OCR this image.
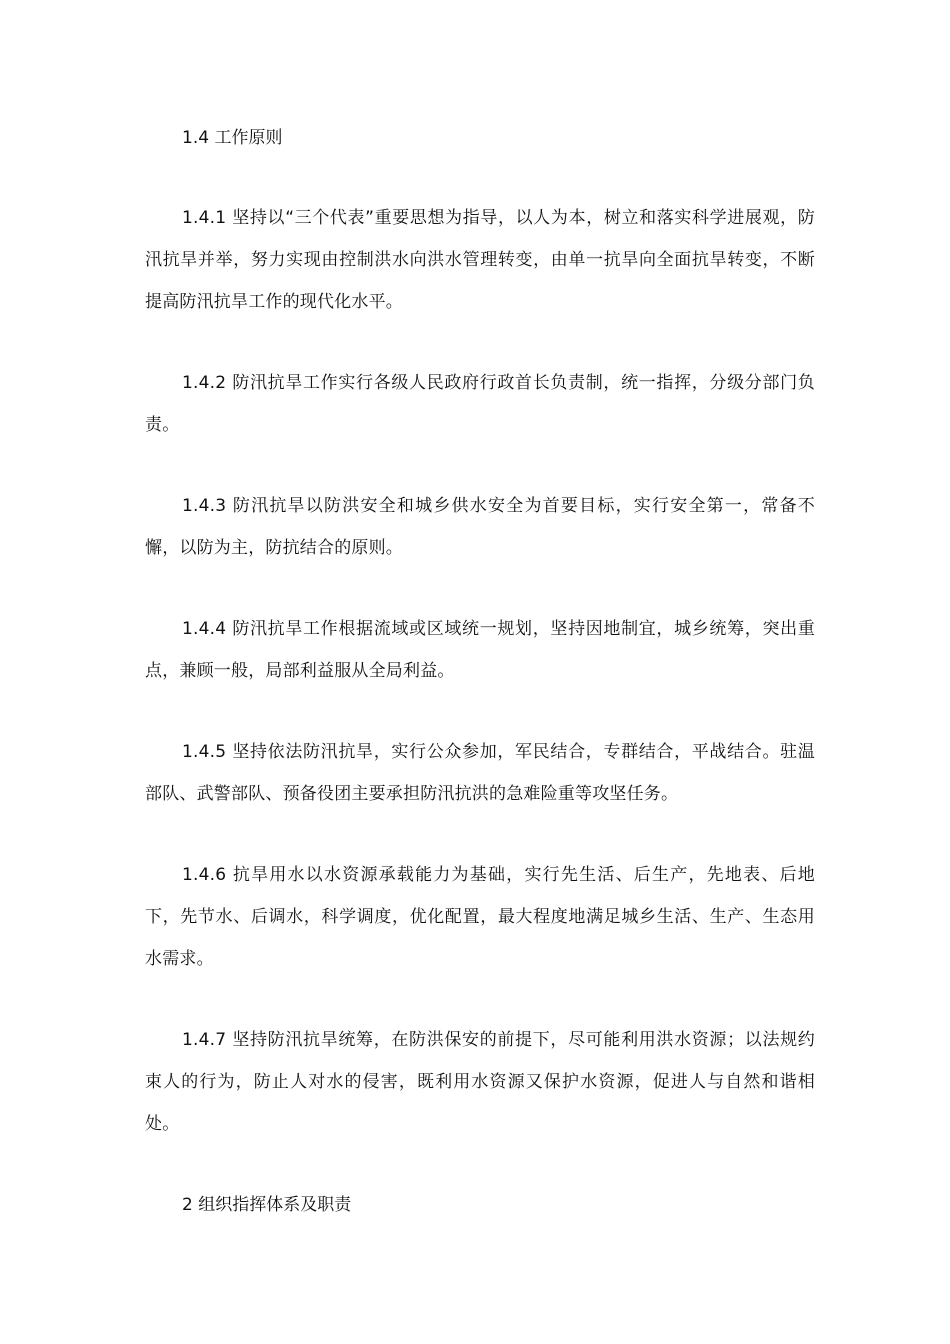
1.4 工作原则

1.4.1 坚持以“三个代表”重要思想为指导，以人为本，树立和落实科学进展观，防汛抗旱并举，努力实现由控制洪水向洪水管理转变，由单一抗旱向全面抗旱转变，不断提高防汛抗旱工作的现代化水平。

1.4.2 防汛抗旱工作实行各级人民政府行政首长负责制，统一指挥，分级分部门负责。

1.4.3 防汛抗旱以防洪安全和城乡供水安全为首要目标，实行安全第一，常备不懈，以防为主，防抗结合的原则。

1.4.4 防汛抗旱工作根据流域或区域统一规划，坚持因地制宜，城乡统筹，突出重点，兼顾一般，局部利益服从全局利益。

1.4.5 坚持依法防汛抗旱，实行公众参加，军民结合，专群结合，平战结合。驻温部队、武警部队、预备役团主要承担防汛抗洪的急难险重等攻坚任务。

1.4.6 抗旱用水以水资源承载能力为基础，实行先生活、后生产，先地表、后地下，先节水、后调水，科学调度，优化配置，最大程度地满足城乡生活、生产、生态用水需求。

1.4.7 坚持防汛抗旱统筹，在防洪保安的前提下，尽可能利用洪水资源；以法规约束人的行为，防止人对水的侵害，既利用水资源又保护水资源，促进人与自然和谐相处。

2 组织指挥体系及职责
